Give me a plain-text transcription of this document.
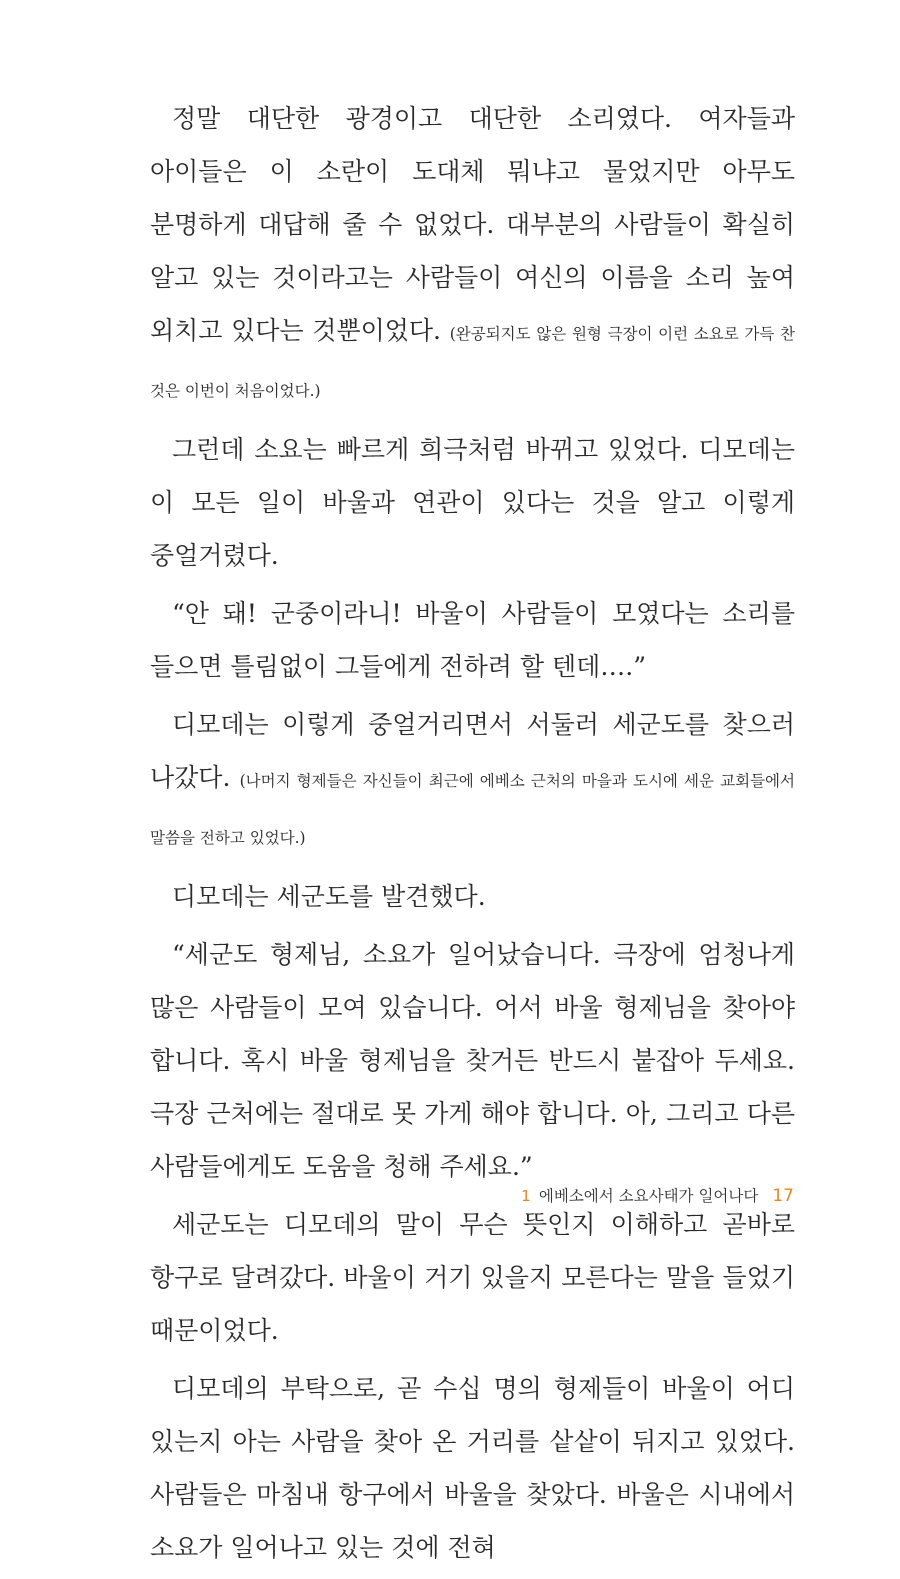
정말 대단한 광경이고 대단한 소리였다. 여자들과 아이들은 이 소란이 도대체 뭐냐고 물었지만 아무도 분명하게 대답해 줄 수 없었다. 대부분의 사람들이 확실히 알고 있는 것이라고는 사람들이 여신의 이름을 소리 높여 외치고 있다는 것뿐이었다. (완공되지도 않은 원형 극장이 이런 소요로 가득 찬 것은 이번이 처음이었다.)

그런데 소요는 빠르게 희극처럼 바뀌고 있었다. 디모데는 이 모든 일이 바울과 연관이 있다는 것을 알고 이렇게 중얼거렸다.

“안 돼! 군중이라니! 바울이 사람들이 모였다는 소리를 들으면 틀림없이 그들에게 전하려 할 텐데….”

디모데는 이렇게 중얼거리면서 서둘러 세군도를 찾으러 나갔다. (나머지 형제들은 자신들이 최근에 에베소 근처의 마을과 도시에 세운 교회들에서 말씀을 전하고 있었다.)

디모데는 세군도를 발견했다.

“세군도 형제님, 소요가 일어났습니다. 극장에 엄청나게 많은 사람들이 모여 있습니다. 어서 바울 형제님을 찾아야 합니다. 혹시 바울 형제님을 찾거든 반드시 붙잡아 두세요. 극장 근처에는 절대로 못 가게 해야 합니다. 아, 그리고 다른 사람들에게도 도움을 청해 주세요.”

세군도는 디모데의 말이 무슨 뜻인지 이해하고 곧바로 항구로 달려갔다. 바울이 거기 있을지 모른다는 말을 들었기 때문이었다.

디모데의 부탁으로, 곧 수십 명의 형제들이 바울이 어디 있는지 아는 사람을 찾아 온 거리를 샅샅이 뒤지고 있었다. 사람들은 마침내 항구에서 바울을 찾았다. 바울은 시내에서 소요가 일어나고 있는 것에 전혀

1 에베소에서 소요사태가 일어나다 17
